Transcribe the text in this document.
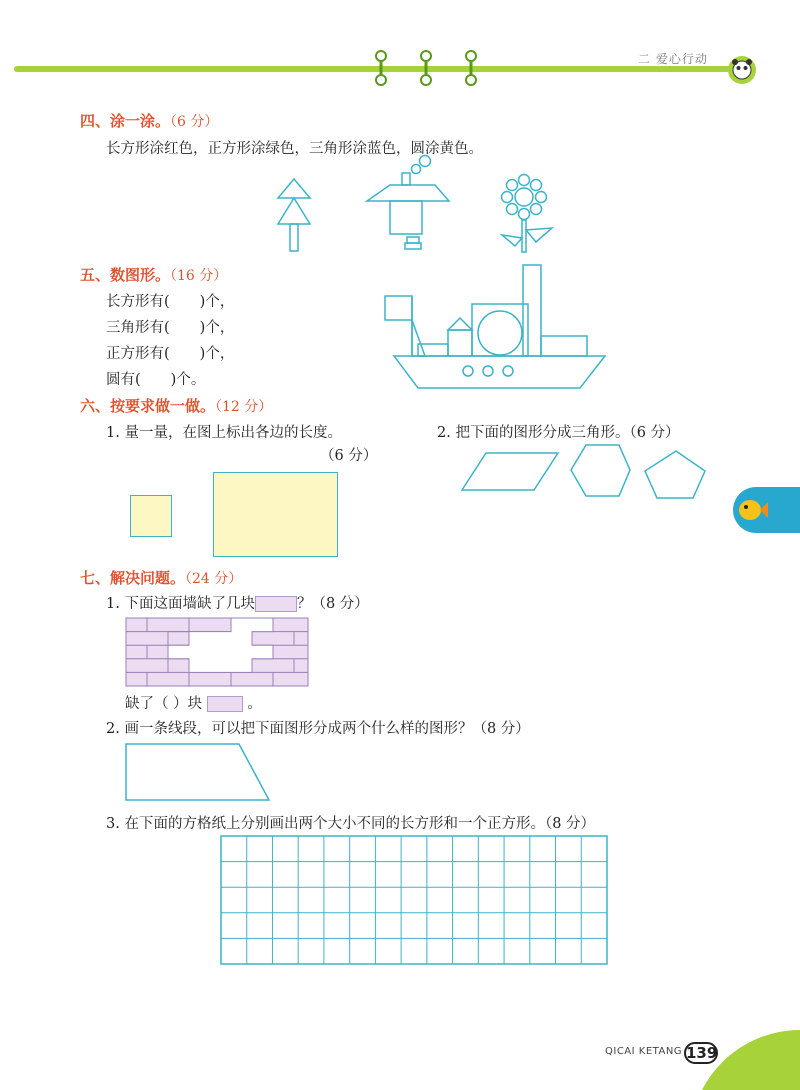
二 爱心行动
四、涂一涂。（6 分）
长方形涂红色，正方形涂绿色，三角形涂蓝色，圆涂黄色。
五、数图形。（16 分）
长方形有( )个，
三角形有( )个，
正方形有( )个，
圆有( )个。
六、按要求做一做。（12 分）
1. 量一量，在图上标出各边的长度。
（6 分）
2. 把下面的图形分成三角形。（6 分）
七、解决问题。（24 分）
1. 下面这面墙缺了几块	？（8 分）
缺了（ ）块	。
2. 画一条线段，可以把下面图形分成两个什么样的图形？（8 分）
3. 在下面的方格纸上分别画出两个大小不同的长方形和一个正方形。（8 分）
QICAI KETANG 139
